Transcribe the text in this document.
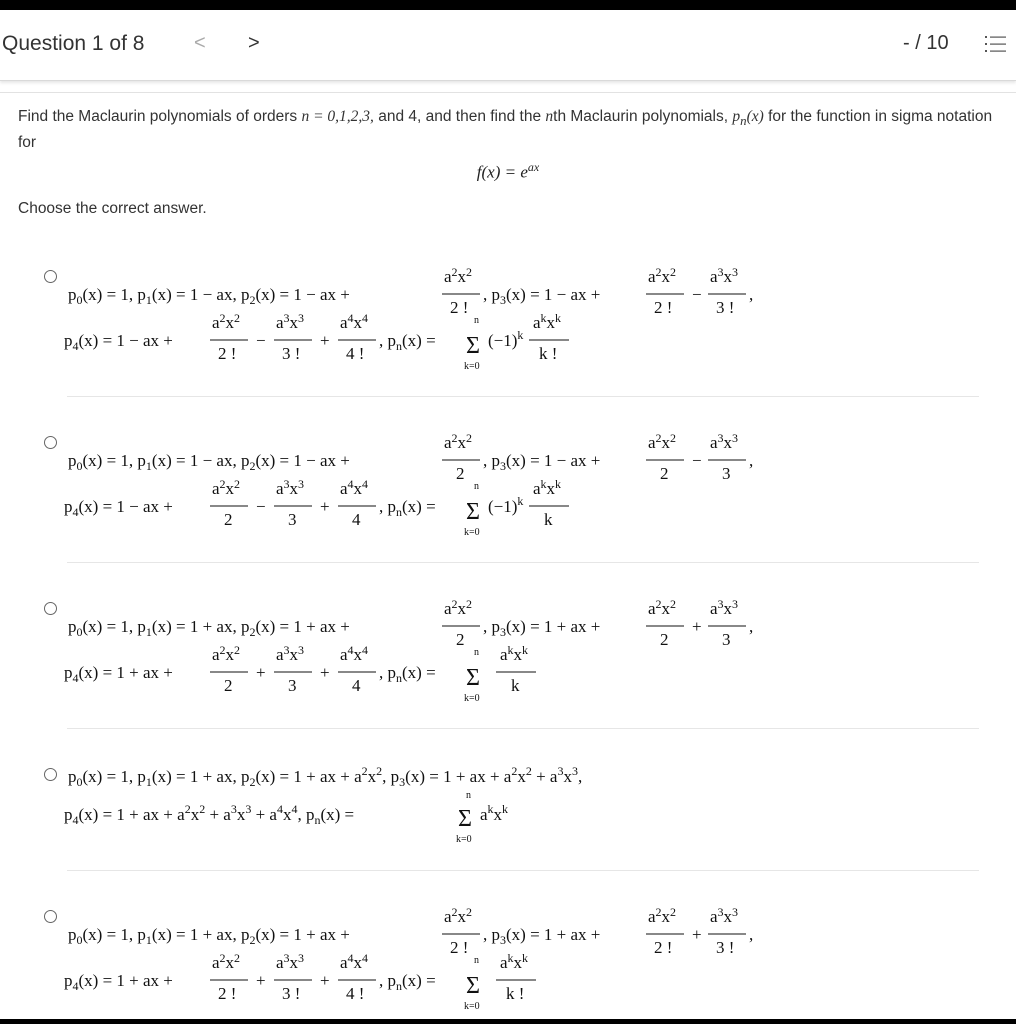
Question 1 of 8 < >	- / 10
Find the Maclaurin polynomials of orders n = 0,1,2,3, and 4, and then find the nth Maclaurin polynomials, $p_n(x)$ for the function in sigma notation for
$f(x) = e^{ax}$
Choose the correct answer.
$p_0(x) = 1$, $p_1(x) = 1$ − ax, $p_2(x) = 1$ − ax +
$a^2x^2$
2 !
, $p_3(x) = 1$ − ax +
$a^2x^2$
2 !
−
$a^3x^3$
3 !
,
$p_4(x) = 1$ − ax +
$a^2x^2$
2 !
−
$a^3x^3$
3 !
+
$a^4x^4$
4 !
, $p_n(x)$ =
n
Σ
k=0
$(-1)^k$
$a^kx^k$
k !
$p_0(x) = 1$, $p_1(x) = 1$ − ax, $p_2(x) = 1$ − ax +
$a^2x^2$
2
, $p_3(x) = 1$ − ax +
$a^2x^2$
2
−
$a^3x^3$
3
,
$p_4(x) = 1$ − ax +
$a^2x^2$
2
−
$a^3x^3$
3
+
$a^4x^4$
4
, $p_n(x)$ =
n
Σ
k=0
$(-1)^k$
$a^kx^k$
k
$p_0(x) = 1$, $p_1(x) = 1$ + ax, $p_2(x) = 1$ + ax +
$a^2x^2$
2
, $p_3(x) = 1$ + ax +
$a^2x^2$
2
+
$a^3x^3$
3
,
$p_4(x) = 1$ + ax +
$a^2x^2$
2
+
$a^3x^3$
3
+
$a^4x^4$
4
, $p_n(x)$ =
n
Σ
k=0
$a^kx^k$
k
$p_0(x) = 1$, $p_1(x) = 1$ + ax, $p_2(x) = 1$ + ax + $a^2x^2$, $p_3(x) = 1$ + ax + $a^2x^2 + a^3x^3$,
$p_4(x) = 1$ + ax + $a^2x^2 + a^3x^3 + a^4x^4$, $p_n(x)$ =
n
Σ
k=0
$a^kx^k$
$p_0(x) = 1$, $p_1(x) = 1$ + ax, $p_2(x) = 1$ + ax +
$a^2x^2$
2 !
, $p_3(x) = 1$ + ax +
$a^2x^2$
2 !
+
$a^3x^3$
3 !
,
$p_4(x) = 1$ + ax +
$a^2x^2$
2 !
+
$a^3x^3$
3 !
+
$a^4x^4$
4 !
, $p_n(x)$ =
n
Σ
k=0
$a^kx^k$
k !
